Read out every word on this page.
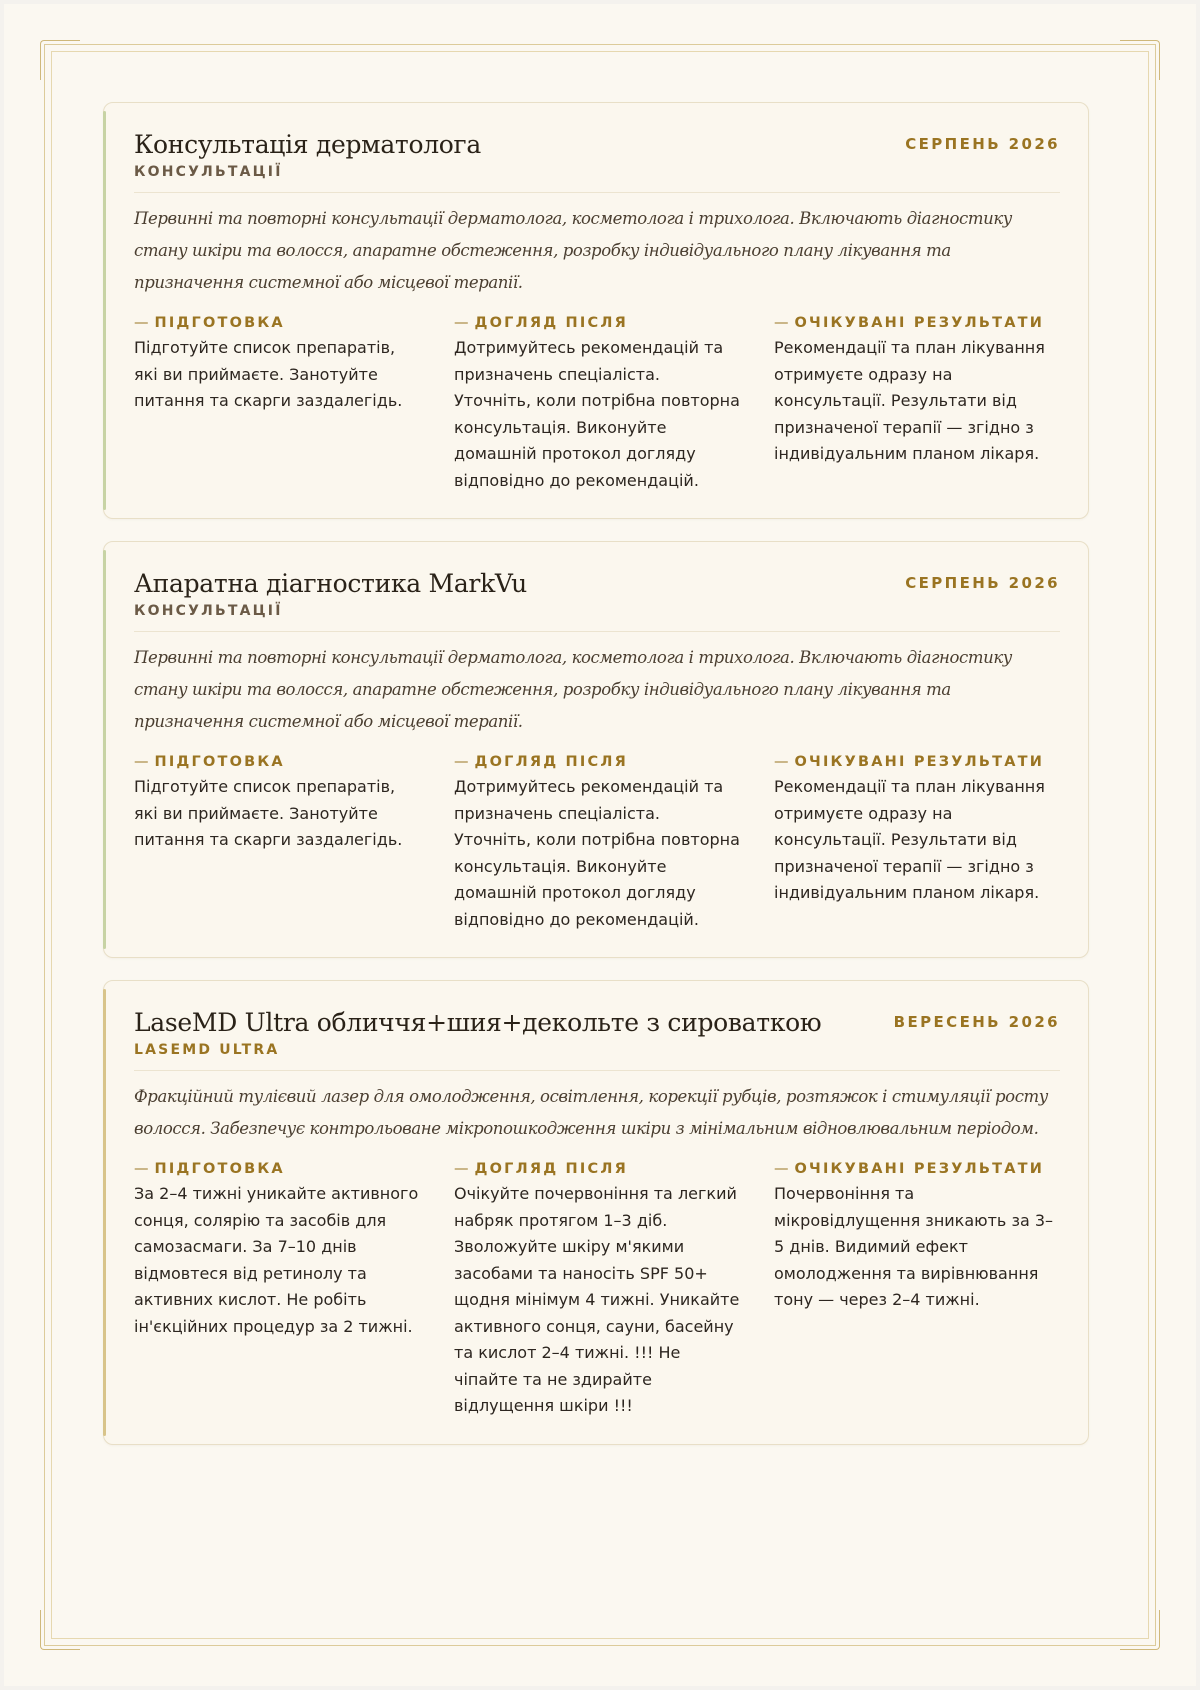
Консультація дерматолога
КОНСУЛЬТАЦІЇ
СЕРПЕНЬ 2026
Первинні та повторні консультації дерматолога, косметолога і трихолога. Включають діагностику стану шкіри та волосся, апаратне обстеження, розробку індивідуального плану лікування та призначення системної або місцевої терапії.
— ПІДГОТОВКА
Підготуйте список препаратів, які ви приймаєте. Занотуйте питання та скарги заздалегідь.
— ДОГЛЯД ПІСЛЯ
Дотримуйтесь рекомендацій та призначень спеціаліста. Уточніть, коли потрібна повторна консультація. Виконуйте домашній протокол догляду відповідно до рекомендацій.
— ОЧІКУВАНІ РЕЗУЛЬТАТИ
Рекомендації та план лікування отримуєте одразу на консультації. Результати від призначеної терапії — згідно з індивідуальним планом лікаря.
Апаратна діагностика MarkVu
КОНСУЛЬТАЦІЇ
СЕРПЕНЬ 2026
Первинні та повторні консультації дерматолога, косметолога і трихолога. Включають діагностику стану шкіри та волосся, апаратне обстеження, розробку індивідуального плану лікування та призначення системної або місцевої терапії.
— ПІДГОТОВКА
Підготуйте список препаратів, які ви приймаєте. Занотуйте питання та скарги заздалегідь.
— ДОГЛЯД ПІСЛЯ
Дотримуйтесь рекомендацій та призначень спеціаліста. Уточніть, коли потрібна повторна консультація. Виконуйте домашній протокол догляду відповідно до рекомендацій.
— ОЧІКУВАНІ РЕЗУЛЬТАТИ
Рекомендації та план лікування отримуєте одразу на консультації. Результати від призначеної терапії — згідно з індивідуальним планом лікаря.
LaseMD Ultra обличчя+шия+декольте з сироваткою
LASEMD ULTRA
ВЕРЕСЕНЬ 2026
Фракційний тулієвий лазер для омолодження, освітлення, корекції рубців, розтяжок і стимуляції росту волосся. Забезпечує контрольоване мікропошкодження шкіри з мінімальним відновлювальним періодом.
— ПІДГОТОВКА
За 2–4 тижні уникайте активного сонця, солярію та засобів для самозасмаги. За 7–10 днів відмовтеся від ретинолу та активних кислот. Не робіть ін'єкційних процедур за 2 тижні.
— ДОГЛЯД ПІСЛЯ
Очікуйте почервоніння та легкий набряк протягом 1–3 діб. Зволожуйте шкіру м'якими засобами та наносіть SPF 50+ щодня мінімум 4 тижні. Уникайте активного сонця, сауни, басейну та кислот 2–4 тижні. !!! Не чіпайте та не здирайте відлущення шкіри !!!
— ОЧІКУВАНІ РЕЗУЛЬТАТИ
Почервоніння та мікровідлущення зникають за 3–5 днів. Видимий ефект омолодження та вирівнювання тону — через 2–4 тижні.
